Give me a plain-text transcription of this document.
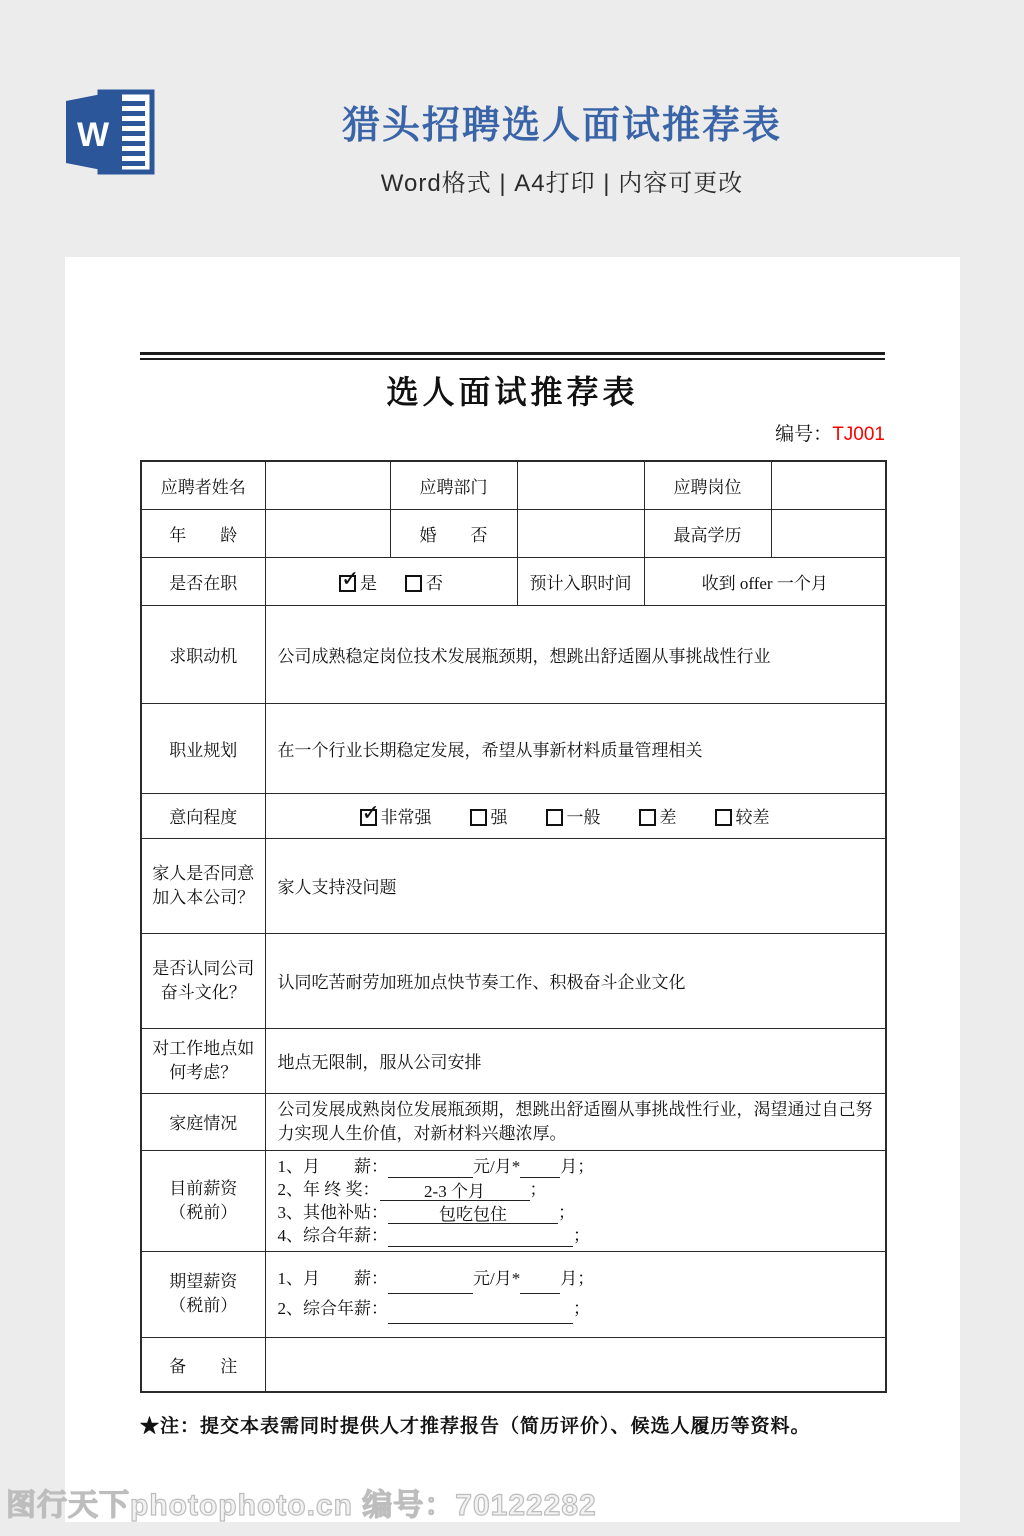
W	猎头招聘选人面试推荐表
Word格式 | A4打印 | 内容可更改
选人面试推荐表
编号：TJ001
应聘者姓名		应聘部门		应聘岗位	
年　　龄		婚　　否		最高学历	
是否在职	✓ 是 否		预计入职时间	收到 offer 一个月	
求职动机	公司成熟稳定岗位技术发展瓶颈期，想跳出舒适圈从事挑战性行业				
职业规划	在一个行业长期稳定发展，希望从事新材料质量管理相关				
意向程度	✓ 非常强	强	一般	差	较差

家人是否同意
加入本公司？	家人支持没问题				

是否认同公司
奋斗文化？	认同吃苦耐劳加班加点快节奏工作、积极奋斗企业文化				

对工作地点如
何考虑？	地点无限制，服从公司安排				
家庭情况	公司发展成熟岗位发展瓶颈期，想跳出舒适圈从事挑战性行业，渴望通过自己努力实现人生价值，对新材料兴趣浓厚。				

目前薪资
（税前）

1、月　　薪：	元/月* 月；
2、年 终 奖：	2-3 个月	；
3、其他补贴：	包吃包住	；
4、综合年薪：	；

期望薪资
（税前）

1、月　　薪：	元/月* 月；
2、综合年薪：	；

备　　注					
★注：提交本表需同时提供人才推荐报告（简历评价）、候选人履历等资料。
图行天下photophoto.cn 编号：70122282
